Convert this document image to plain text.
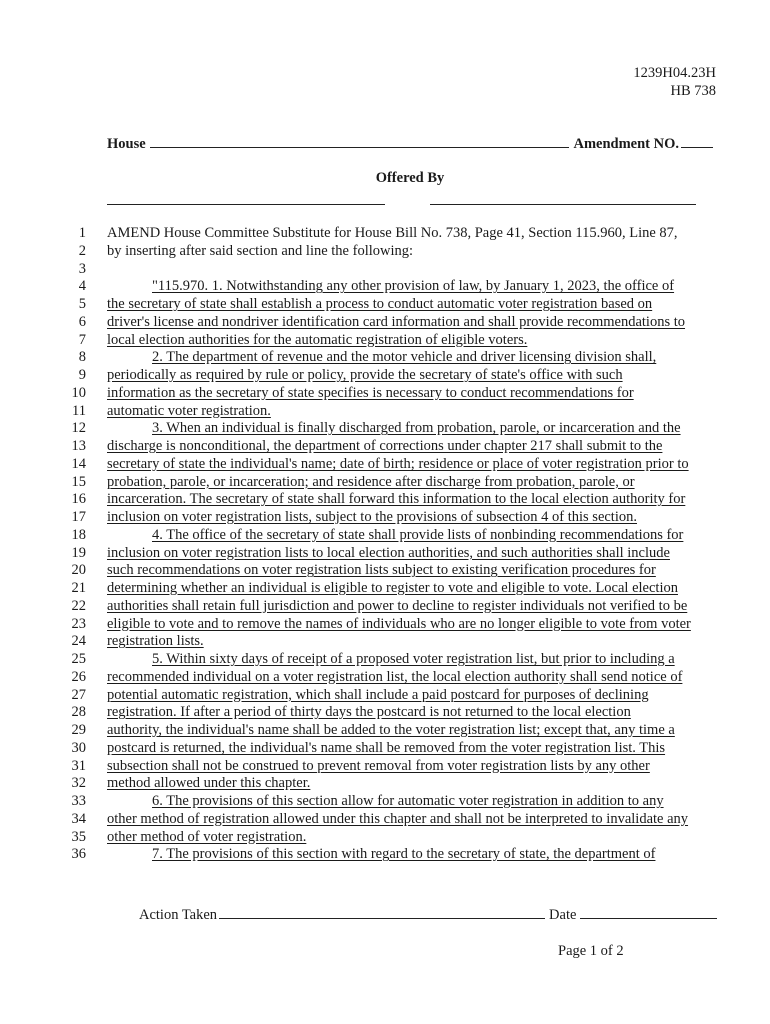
1239H04.23H
HB 738
House	Amendment NO.
Offered By
1 AMEND House Committee Substitute for House Bill No. 738, Page 41, Section 115.960, Line 87,
2 by inserting after said section and line the following:
3
4	"115.970. 1. Notwithstanding any other provision of law, by January 1, 2023, the office of
5 the secretary of state shall establish a process to conduct automatic voter registration based on
6 driver's license and nondriver identification card information and shall provide recommendations to
7 local election authorities for the automatic registration of eligible voters.
8	2. The department of revenue and the motor vehicle and driver licensing division shall,
9 periodically as required by rule or policy, provide the secretary of state's office with such
10 information as the secretary of state specifies is necessary to conduct recommendations for
11 automatic voter registration.
12	3. When an individual is finally discharged from probation, parole, or incarceration and the
13 discharge is nonconditional, the department of corrections under chapter 217 shall submit to the
14 secretary of state the individual's name; date of birth; residence or place of voter registration prior to
15 probation, parole, or incarceration; and residence after discharge from probation, parole, or
16 incarceration. The secretary of state shall forward this information to the local election authority for
17 inclusion on voter registration lists, subject to the provisions of subsection 4 of this section.
18	4. The office of the secretary of state shall provide lists of nonbinding recommendations for
19 inclusion on voter registration lists to local election authorities, and such authorities shall include
20 such recommendations on voter registration lists subject to existing verification procedures for
21 determining whether an individual is eligible to register to vote and eligible to vote. Local election
22 authorities shall retain full jurisdiction and power to decline to register individuals not verified to be
23 eligible to vote and to remove the names of individuals who are no longer eligible to vote from voter
24 registration lists.
25	5. Within sixty days of receipt of a proposed voter registration list, but prior to including a
26 recommended individual on a voter registration list, the local election authority shall send notice of
27 potential automatic registration, which shall include a paid postcard for purposes of declining
28 registration. If after a period of thirty days the postcard is not returned to the local election
29 authority, the individual's name shall be added to the voter registration list; except that, any time a
30 postcard is returned, the individual's name shall be removed from the voter registration list. This
31 subsection shall not be construed to prevent removal from voter registration lists by any other
32 method allowed under this chapter.
33	6. The provisions of this section allow for automatic voter registration in addition to any
34 other method of registration allowed under this chapter and shall not be interpreted to invalidate any
35 other method of voter registration.
36	7. The provisions of this section with regard to the secretary of state, the department of
Action Taken	Date
Page 1 of 2
